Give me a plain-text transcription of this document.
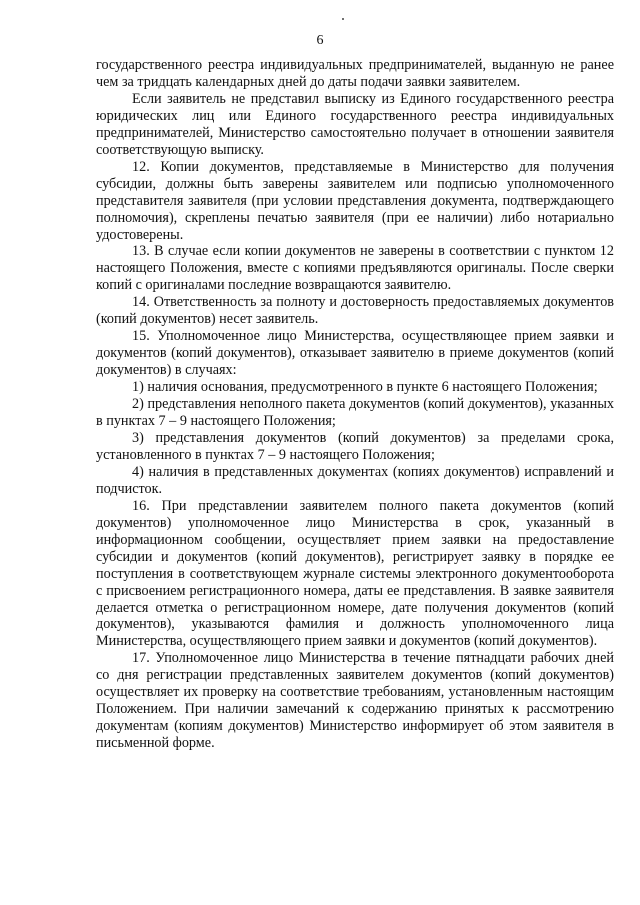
6

государственного реестра индивидуальных предпринимателей, выданную не ранее чем за тридцать календарных дней до даты подачи заявки заявителем.

Если заявитель не представил выписку из Единого государственного реестра юридических лиц или Единого государственного реестра индивидуальных предпринимателей, Министерство самостоятельно получает в отношении заявителя соответствующую выписку.

12. Копии документов, представляемые в Министерство для получения субсидии, должны быть заверены заявителем или подписью уполномоченного представителя заявителя (при условии представления документа, подтверждающего полномочия), скреплены печатью заявителя (при ее наличии) либо нотариально удостоверены.

13. В случае если копии документов не заверены в соответствии с пунктом 12 настоящего Положения, вместе с копиями предъявляются оригиналы. После сверки копий с оригиналами последние возвращаются заявителю.

14. Ответственность за полноту и достоверность предоставляемых документов (копий документов) несет заявитель.

15. Уполномоченное лицо Министерства, осуществляющее прием заявки и документов (копий документов), отказывает заявителю в приеме документов (копий документов) в случаях:

1) наличия основания, предусмотренного в пункте 6 настоящего Положения;

2) представления неполного пакета документов (копий документов), указанных в пунктах 7 – 9 настоящего Положения;

3) представления документов (копий документов) за пределами срока, установленного в пунктах 7 – 9 настоящего Положения;

4) наличия в представленных документах (копиях документов) исправлений и подчисток.

16. При представлении заявителем полного пакета документов (копий документов) уполномоченное лицо Министерства в срок, указанный в информационном сообщении, осуществляет прием заявки на предоставление субсидии и документов (копий документов), регистрирует заявку в порядке ее поступления в соответствующем журнале системы электронного документооборота с присвоением регистрационного номера, даты ее представления. В заявке заявителя делается отметка о регистрационном номере, дате получения документов (копий документов), указываются фамилия и должность уполномоченного лица Министерства, осуществляющего прием заявки и документов (копий документов).

17. Уполномоченное лицо Министерства в течение пятнадцати рабочих дней со дня регистрации представленных заявителем документов (копий документов) осуществляет их проверку на соответствие требованиям, установленным настоящим Положением. При наличии замечаний к содержанию принятых к рассмотрению документам (копиям документов) Министерство информирует об этом заявителя в письменной форме.
